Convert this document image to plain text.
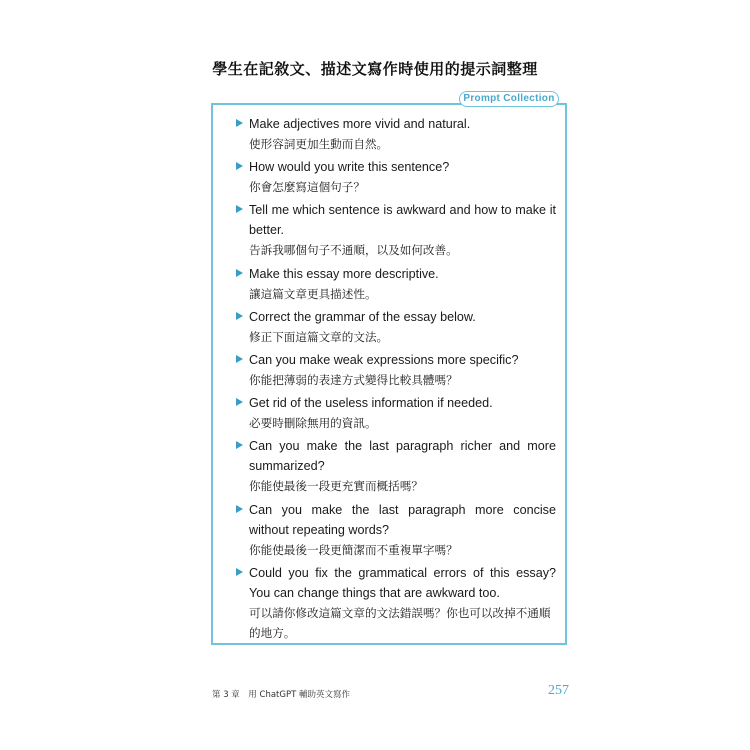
學生在記敘文、描述文寫作時使用的提示詞整理
Prompt Collection
Make adjectives more vivid and natural.
使形容詞更加生動而自然。
How would you write this sentence?
你會怎麼寫這個句子？
Tell me which sentence is awkward and how to make it better.
告訴我哪個句子不通順，以及如何改善。
Make this essay more descriptive.
讓這篇文章更具描述性。
Correct the grammar of the essay below.
修正下面這篇文章的文法。
Can you make weak expressions more specific?
你能把薄弱的表達方式變得比較具體嗎？
Get rid of the useless information if needed.
必要時刪除無用的資訊。
Can you make the last paragraph richer and more summarized?
你能使最後一段更充實而概括嗎？
Can you make the last paragraph more concise without repeating words?
你能使最後一段更簡潔而不重複單字嗎？
Could you fix the grammatical errors of this essay? You can change things that are awkward too.
可以請你修改這篇文章的文法錯誤嗎？你也可以改掉不通順的地方。
第 3 章　用 ChatGPT 輔助英文寫作	257
